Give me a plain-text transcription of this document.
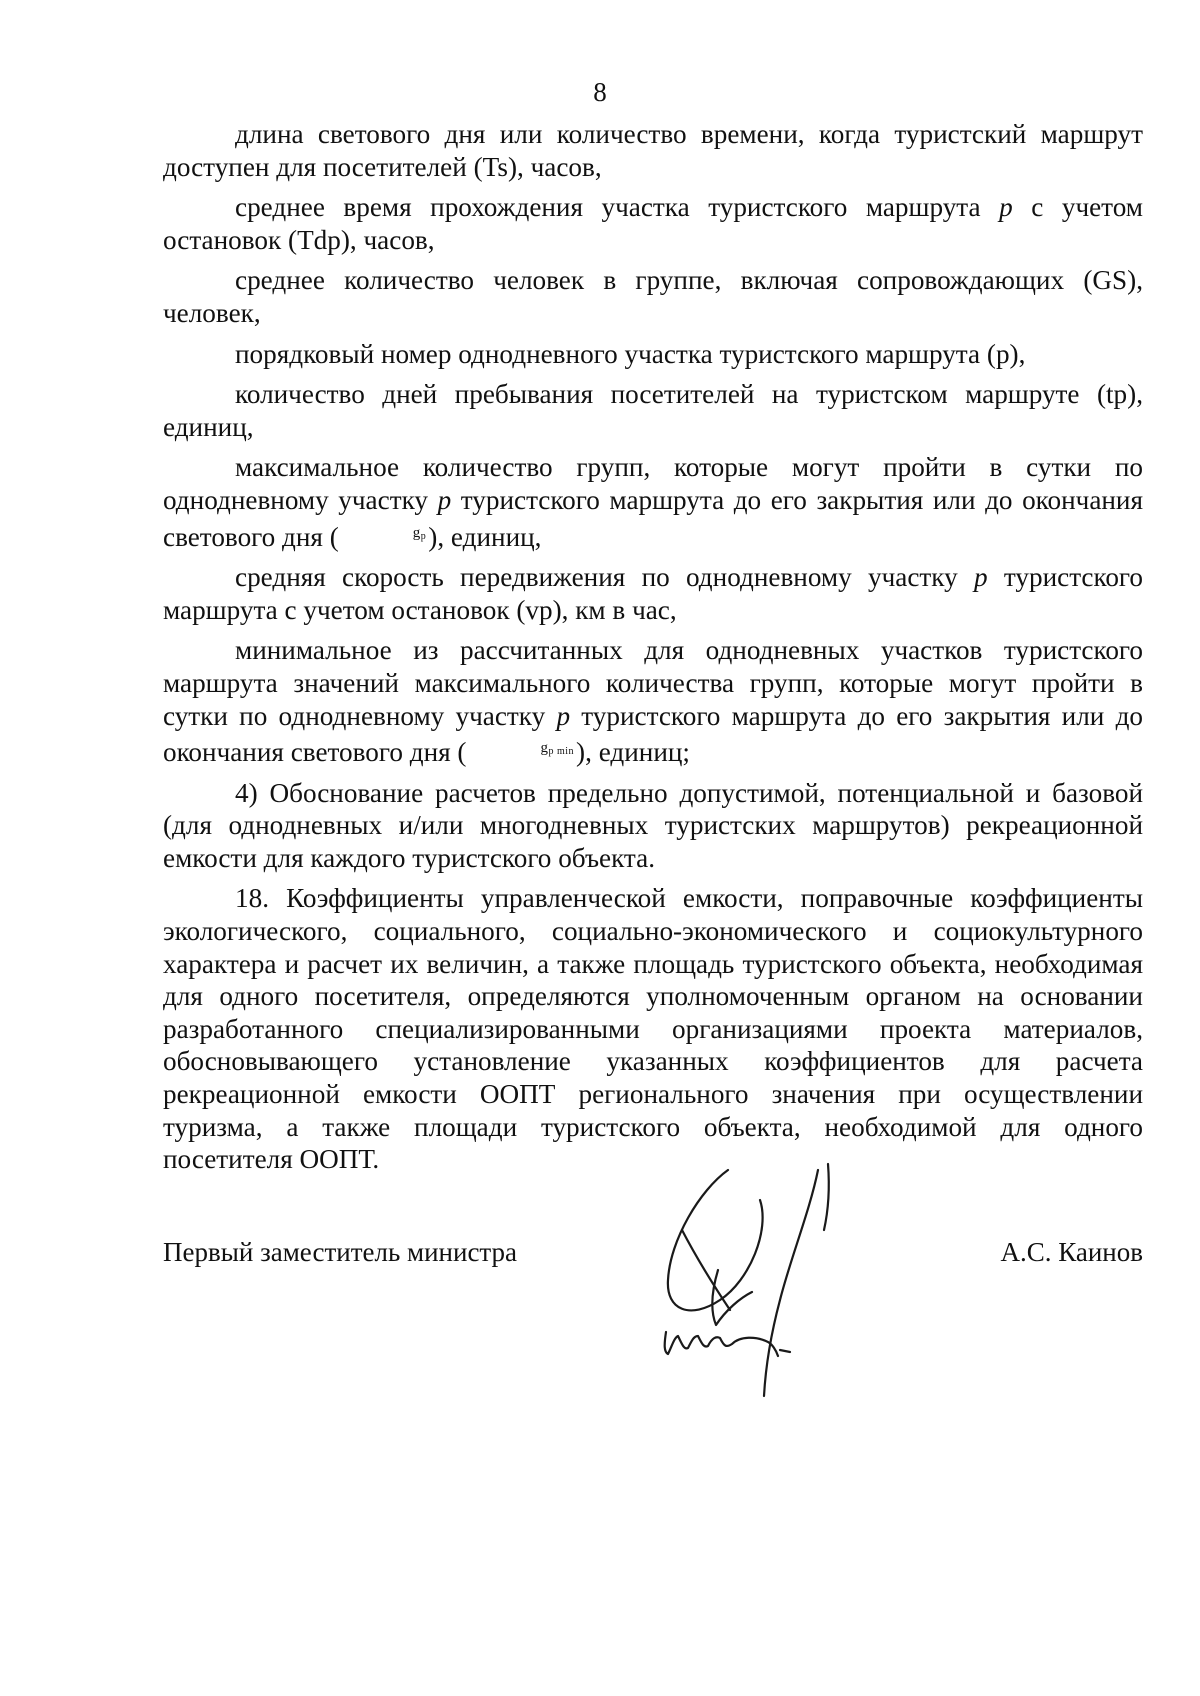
8

длина светового дня или количество времени, когда туристский маршрут доступен для посетителей (Ts), часов,

среднее время прохождения участка туристского маршрута p с учетом остановок (Tdp), часов,

среднее количество человек в группе, включая сопровождающих (GS), человек,

порядковый номер однодневного участка туристского маршрута (p),

количество дней пребывания посетителей на туристском маршруте (tp), единиц,

максимальное количество групп, которые могут пройти в сутки по однодневному участку p туристского маршрута до его закрытия или до окончания светового дня (	$g_p$), единиц,

средняя скорость передвижения по однодневному участку p туристского маршрута с учетом остановок (vp), км в час,

минимальное из рассчитанных для однодневных участков туристского маршрута значений максимального количества групп, которые могут пройти в сутки по однодневному участку p туристского маршрута до его закрытия или до окончания светового дня (	$g_{p min}$), единиц;

4) Обоснование расчетов предельно допустимой, потенциальной и базовой (для однодневных и/или многодневных туристских маршрутов) рекреационной емкости для каждого туристского объекта.

18. Коэффициенты управленческой емкости, поправочные коэффициенты экологического, социального, социально-экономического и социокультурного характера и расчет их величин, а также площадь туристского объекта, необходимая для одного посетителя, определяются уполномоченным органом на основании разработанного специализированными организациями проекта материалов, обосновывающего установление указанных коэффициентов для расчета рекреационной емкости ООПТ регионального значения при осуществлении туризма, а также площади туристского объекта, необходимой для одного посетителя ООПТ.

Первый заместитель министра	А.С. Каинов
